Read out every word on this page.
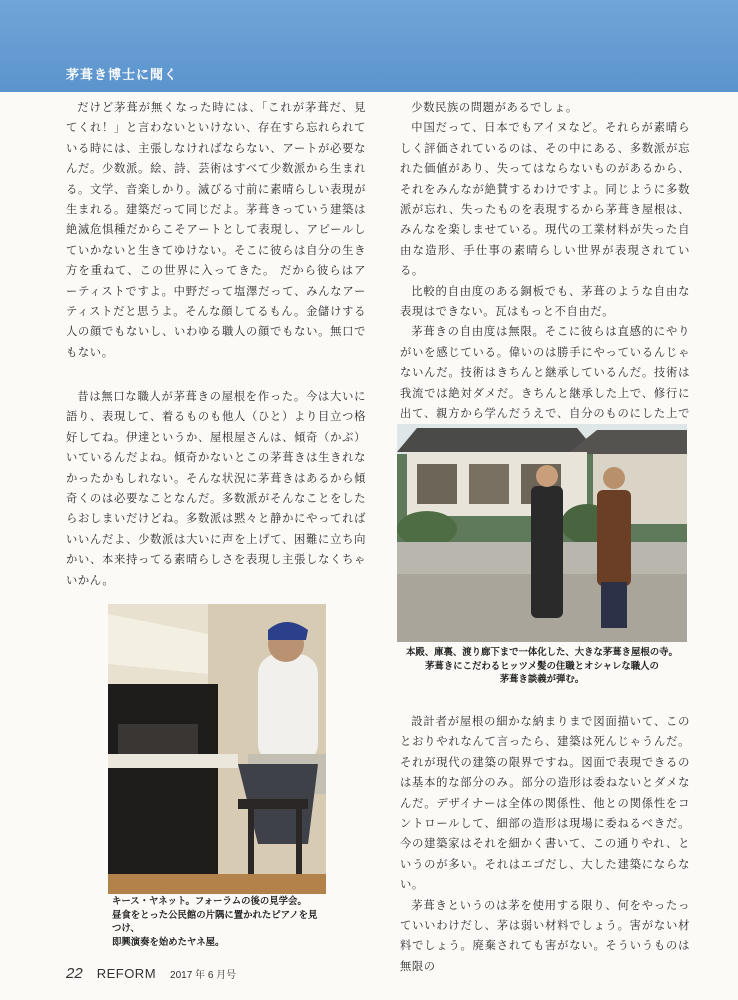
茅葺き博士に聞く

だけど茅葺が無くなった時には、「これが茅葺だ、見てくれ！」と言わないといけない、存在すら忘れられている時には、主張しなければならない、アートが必要なんだ。少数派。絵、詩、芸術はすべて少数派から生まれる。文学、音楽しかり。滅びる寸前に素晴らしい表現が生まれる。建築だって同じだよ。茅葺きっていう建築は絶滅危惧種だからこそアートとして表現し、アピールしていかないと生きてゆけない。そこに彼らは自分の生き方を重ねて、この世界に入ってきた。 だから彼らはアーティストですよ。中野だって塩澤だって、みんなアーティストだと思うよ。そんな顔してるもん。金儲けする人の顔でもないし、いわゆる職人の顔でもない。無口でもない。

昔は無口な職人が茅葺きの屋根を作った。今は大いに語り、表現して、着るものも他人（ひと）より目立つ格好してね。伊達というか、屋根屋さんは、傾奇（かぶ）いているんだよね。傾奇かないとこの茅葺きは生きれなかったかもしれない。そんな状況に茅葺きはあるから傾奇くのは必要なことなんだ。多数派がそんなことをしたらおしまいだけどね。多数派は黙々と静かにやってればいいんだよ、少数派は大いに声を上げて、困難に立ち向かい、本来持ってる素晴らしさを表現し主張しなくちゃいかん。

少数民族の問題があるでしょ。

中国だって、日本でもアイヌなど。それらが素晴らしく評価されているのは、その中にある、多数派が忘れた価値があり、失ってはならないものがあるから、それをみんなが絶賛するわけですよ。同じように多数派が忘れ、失ったものを表現するから茅葺き屋根は、みんなを楽しませている。現代の工業材料が失った自由な造形、手仕事の素晴らしい世界が表現されている。

比較的自由度のある銅板でも、茅葺のような自由な表現はできない。瓦はもっと不自由だ。

茅葺きの自由度は無限。そこに彼らは直感的にやりがいを感じている。偉いのは勝手にやっているんじゃないんだ。技術はきちんと継承しているんだ。技術は我流では絶対ダメだ。きちんと継承した上で、修行に出て、親方から学んだうえで、自分のものにした上で

本殿、庫裏、渡り廊下まで一体化した、大きな茅葺き屋根の寺。
茅葺きにこだわるヒッツメ髪の住職とオシャレな職人の
茅葺き談義が弾む。

設計者が屋根の細かな納まりまで図面描いて、このとおりやれなんて言ったら、建築は死んじゃうんだ。それが現代の建築の限界ですね。図面で表現できるのは基本的な部分のみ。部分の造形は委ねないとダメなんだ。デザイナーは全体の関係性、他との関係性をコントロールして、細部の造形は現場に委ねるべきだ。今の建築家はそれを細かく書いて、この通りやれ、というのが多い。それはエゴだし、大した建築にならない。

茅葺きというのは茅を使用する限り、何をやったっていいわけだし、茅は弱い材料でしょう。害がない材料でしょう。廃棄されても害がない。そういうものは無限の

キース・ヤネット。フォーラムの後の見学会。
昼食をとった公民館の片隅に置かれたピアノを見つけ、
即興演奏を始めたヤネ屋。
22 REFORM 2017 年 6 月号
